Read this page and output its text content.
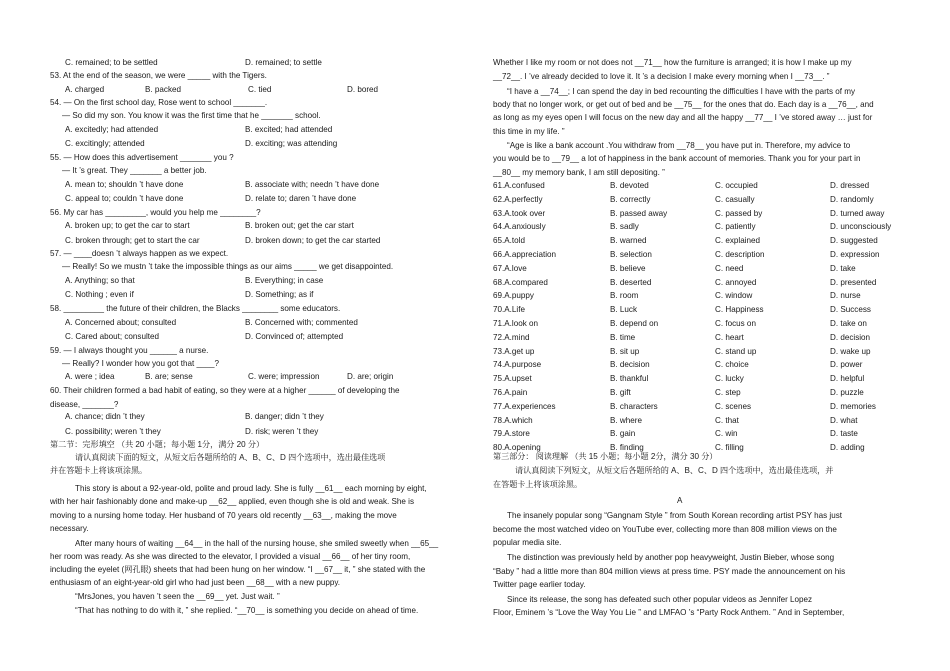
C. remained; to be settled	D. remained; to settle
A. charged	B. packed	C. tied	D. bored
A. excitedly; had attended	B. excited; had attended
C. excitingly; attended	D. exciting; was attending
A. mean to; shouldn ’t have done	B. associate with; needn ’t have done
C. appeal to; couldn ’t have done	D. relate to; daren ’t have done
A. broken up; to get the car to start	B. broken out; get the car start
C. broken through; get to start the car	D. broken down; to get the car started
A. Anything; so that	B. Everything; in case
C. Nothing ; even if	D. Something; as if
A. Concerned about; consulted	B. Concerned with; commented
C. Cared about; consulted	D. Convinced of; attempted
A. were ; idea	B. are; sense	C. were; impression	D. are; origin
A. chance; didn ’t they	B. danger; didn ’t they
C. possibility; weren ’t they	D. risk; weren ’t they
53. At the end of the season, we were _____ with the Tigers.
54. — On the first school day, Rose went to school _______.
— So did my son. You know it was the first time that he _______ school.
55. — How does this advertisement _______ you ?
— It ’s great. They _______ a better job.
56. My car has _________, would you help me ________?
57. — ____doesn ’t always happen as we expect.
— Really! So we mustn ’t take the impossible things as our aims _____ we get disappointed.
58. _________ the future of their children, the Blacks ________ some educators.
59. — I always thought you ______ a nurse.
— Really? I wonder how you got that ____?
60. Their children formed a bad habit of eating, so they were at a higher ______ of developing the
disease, _______?
第二节：完形填空 （共 20 小题；每小题 1分，满分 20 分）
请认真阅读下面的短文，从短文后各题所给的 A、B、C、D 四个选项中，选出最佳选项
并在答题卡上将该项涂黑。
This story is about a 92-year-old, polite and proud lady. She is fully __61__ each morning by eight,
with her hair fashionably done and make-up __62__ applied, even though she is old and weak. She is
moving to a nursing home today. Her husband of 70 years old recently __63__, making the move
necessary.
After many hours of waiting __64__ in the hall of the nursing house, she smiled sweetly when __65__
her room was ready. As she was directed to the elevator, I provided a visual __66__ of her tiny room,
including the eyelet (网孔眼) sheets that had been hung on her window. “I __67__ it, ” she stated with the
enthusiasm of an eight-year-old girl who had just been __68__ with a new puppy.
“MrsJones, you haven ’t seen the __69__ yet. Just wait. ”
“That has nothing to do with it, ” she replied. “__70__ is something you decide on ahead of time.
Whether I like my room or not does not __71__ how the furniture is arranged; it is how I make up my
__72__. I ’ve already decided to love it. It ’s a decision I make every morning when I __73__. ”
“I have a __74__; I can spend the day in bed recounting the difficulties I have with the parts of my
body that no longer work, or get out of bed and be __75__ for the ones that do. Each day is a __76__, and
as long as my eyes open I will focus on the new day and all the happy __77__ I ’ve stored away … just for
this time in my life. ”
“Age is like a bank account .You withdraw from __78__ you have put in. Therefore, my advice to
you would be to __79__ a lot of happiness in the bank account of memories. Thank you for your part in
__80__ my memory bank, I am still depositing. ”
61.A.confused	B. devoted	C. occupied	D. dressed
62.A.perfectly	B. correctly	C. casually	D. randomly
63.A.took over	B. passed away	C. passed by	D. turned away
64.A.anxiously	B. sadly	C. patiently	D. unconsciously
65.A.told	B. warned	C. explained	D. suggested
66.A.appreciation	B. selection	C. description	D. expression
67.A.love	B. believe	C. need	D. take
68.A.compared	B. deserted	C. annoyed	D. presented
69.A.puppy	B. room	C. window	D. nurse
70.A.Life	B. Luck	C. Happiness	D. Success
71.A.look on	B. depend on	C. focus on	D. take on
72.A.mind	B. time	C. heart	D. decision
73.A.get up	B. sit up	C. stand up	D. wake up
74.A.purpose	B. decision	C. choice	D. power
75.A.upset	B. thankful	C. lucky	D. helpful
76.A.pain	B. gift	C. step	D. puzzle
77.A.experiences	B. characters	C. scenes	D. memories
78.A.which	B. where	C. that	D. what
79.A.store	B. gain	C. win	D. taste
80.A.opening	B. finding	C. filling	D. adding
第三部分： 阅读理解 （共 15 小题；每小题 2分，满分 30 分）
请认真阅读下列短文，从短文后各题所给的 A、B、C、D 四个选项中，选出最佳选项，并
在答题卡上将该项涂黑。
A
The insanely popular song “Gangnam Style ” from South Korean recording artist PSY has just
become the most watched video on YouTube ever, collecting more than 808 million views on the
popular media site.
The distinction was previously held by another pop heavyweight, Justin Bieber, whose song
“Baby ” had a little more than 804 million views at press time. PSY made the announcement on his
Twitter page earlier today.
Since its release, the song has defeated such other popular videos as Jennifer Lopez
Floor, Eminem ’s “Love the Way You Lie ” and LMFAO ’s “Party Rock Anthem. ” And in September,
